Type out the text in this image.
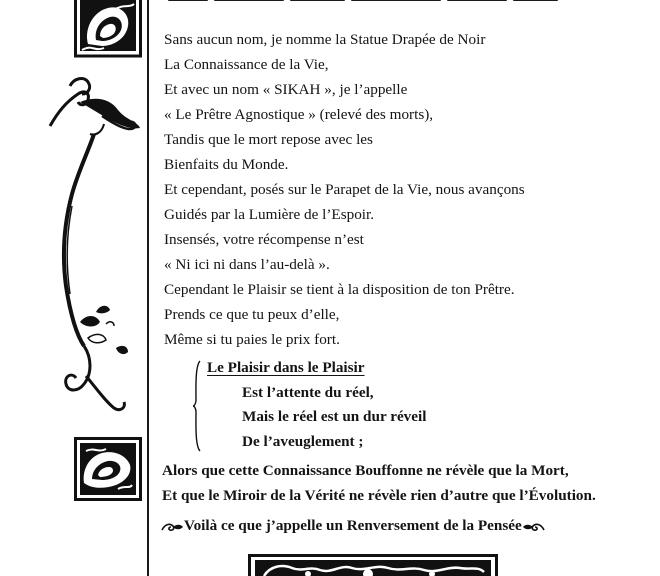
Sans aucun nom, je nomme la Statue Drapée de Noir
La Connaissance de la Vie,
Et avec un nom « SIKAH », je l’appelle
« Le Prêtre Agnostique » (relevé des morts),
Tandis que le mort repose avec les
Bienfaits du Monde.
Et cependant, posés sur le Parapet de la Vie, nous avançons
Guidés par la Lumière de l’Espoir.
Insensés, votre récompense n’est
« Ni ici ni dans l’au-delà ».
Cependant le Plaisir se tient à la disposition de ton Prêtre.
Prends ce que tu peux d’elle,
Même si tu paies le prix fort.
Le Plaisir dans le Plaisir
Est l’attente du réel,
Mais le réel est un dur réveil
De l’aveuglement ;
Alors que cette Connaissance Bouffonne ne révèle que la Mort,
Et que le Miroir de la Vérité ne révèle rien d’autre que l’Évolution.
Voilà ce que j’appelle un Renversement de la Pensée
